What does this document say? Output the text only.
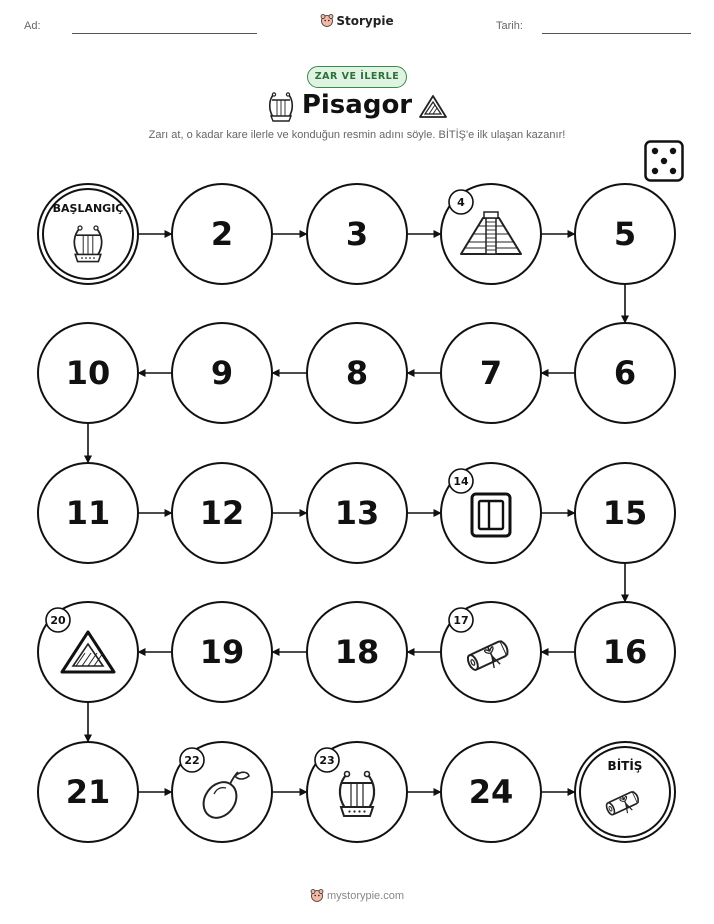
Ad:	Storypie	Tarih:
ZAR VE İLERLE
Pisagor
Zarı at, o kadar kare ilerle ve konduğun resmin adını söyle. BİTİŞ'e ilk ulaşan kazanır!
BAŞLANGIÇ
2	3
4
5
6
7
8
9
10
11	12	13
14
15
16
17
18
19
20
21
22	23
24
BİTİŞ
mystorypie.com
